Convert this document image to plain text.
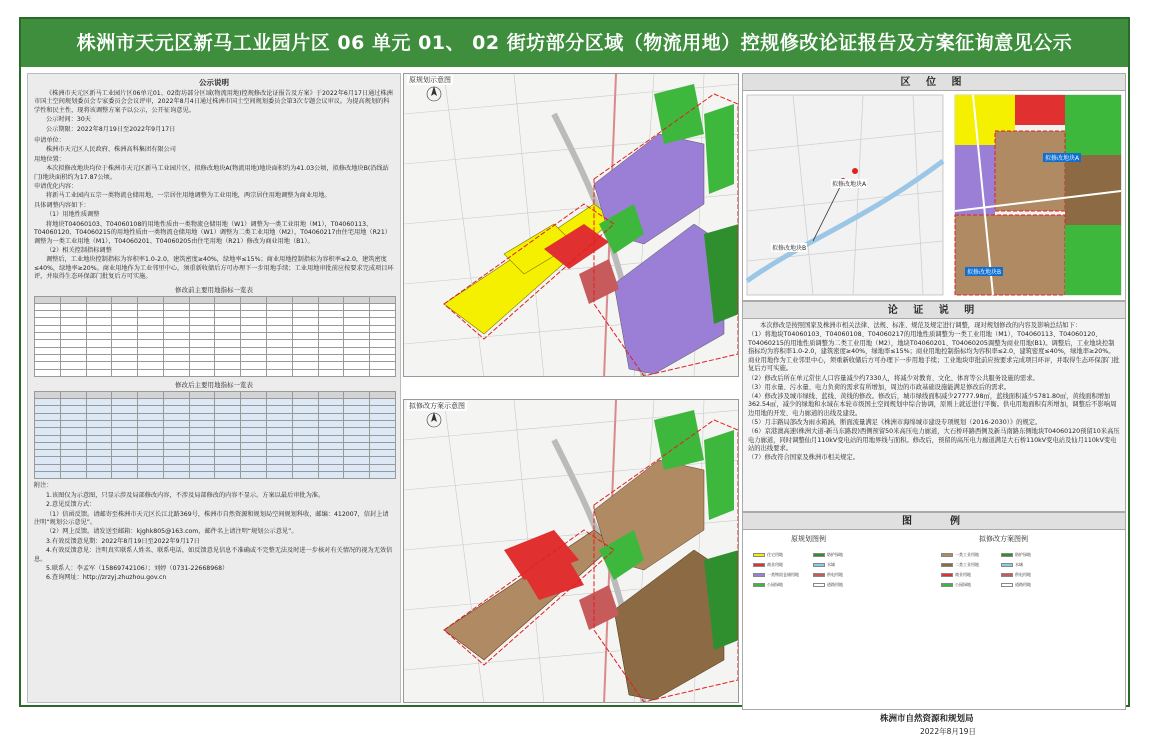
株洲市天元区新马工业园片区 06 单元 01、 02 街坊部分区域（物流用地）控规修改论证报告及方案征询意见公示
公示说明

《株洲市天元区新马工业园片区06单元01、02街坊部分区域(物流用地)控规修改论证报告及方案》于2022年6月17日通过株洲市国土空间规划委员会专家委员会会议评审，2022年8月4日通过株洲市国土空间规划委员会第3次专题会议审议。为提高规划的科学性和民主性，现将该调整方案予以公示，公开征询意见。

公示时间：30天

公示期限：2022年8月19日至2022年9月17日

申请单位：

株洲市天元区人民政府、株洲高科集团有限公司

用地位置：

本次拟修改地块均位于株洲市天元区新马工业园片区，拟修改地块A(物流用地)地块面积约为41.03公顷，拟修改地块B(沿线站门)地块面积约为17.87公顷。

申请优化内容：

将新马工业园内五宗一类物流仓储用地，一宗居住用地调整为工业用地，两宗居住用地调整为商业用地。

具体调整内容如下：

（1）用地性质调整

将地块T04060103、T04060108的用地性质由一类物流仓储用地（W1）调整为一类工业用地（M1），T04060113、T04060120、T04060215的用地性质由一类物流仓储用地（W1）调整为二类工业用地（M2），T04060217由住宅用地（R21）调整为一类工业用地（M1），T04060201、T04060205由住宅用地（R21）修改为商业用地（B1）。

（2）相关控制指标调整

调整后，工业地块控制指标为容积率1.0-2.0，建筑密度≥40%，绿地率≤15%；商业用地控制指标为容积率≤2.0，建筑密度≤40%，绿地率≥20%。商业用地作为工业邻里中心，须重新收储后方可办理下一步用地手续；工业用地审批前应按要求完成项目环评，并取得生态环保部门批复后方可实施。

修改前主要用地指标一览表

修改后主要用地指标一览表

附注：

1.该图仅为示意图，只显示涉及局部修改内容，不涉及局部修改的内容不显示。方案以最后审批为准。

2.意见反馈方式：

（1）信函反馈。请邮寄至株洲市天元区长江北路369号，株洲市自然资源和规划局空间规划科收，邮编：412007，信封上请注明“规划公示意见”。

（2）网上反馈。请发送至邮箱：kjghk805@163.com，邮件名上请注明“规划公示意见”。

3.有效反馈意见期：2022年8月19日至2022年9月17日

4.有效反馈意见：注明真实联系人姓名、联系电话，如反馈意见信息不准确或不完整无法及时进一步核对有关情况的视为无效信息。

5.联系人：李孟军（15869742106）；刘婷（0731-22668968）

6.查询网址：http://zrzyj.zhuzhou.gov.cn

原规划示意图
拟修改方案示意图
区 位 图
拟修改地块A
拟修改地块B
拟修改地块A
拟修改地块B
论 证 说 明

本次修改是按照国家及株洲市相关法律、法规、标准、规范及规定进行调整，现对规划修改的内容及影响总结如下：

（1）将地块T04060103、T04060108、T04060217的用地性质调整为一类工业用地（M1），T04060113、T04060120、T04060215的用地性质调整为二类工业用地（M2），地块T04060201、T04060205调整为商业用地(B1)。调整后，工业地块控制指标均为容积率1.0-2.0，建筑密度≥40%，绿地率≤15%；商业用地控制指标均为容积率≤2.0，建筑密度≤40%，绿地率≥20%。商业用地作为工业邻里中心，须重新收储后方可办理下一步用地手续；工业地块审批前应按要求完成项目环评，并取得生态环保部门批复后方可实施。

（2）修改后所在单元常住人口容量减少约7330人，将减少对教育、文化、体育等公共服务设施的需求。

（3）用水量、污水量、电力负荷的需求有所增加，周边的市政基础设施能满足修改后的需求。

（4）修改涉及城市绿线、蓝线、黄线的修改。修改后，城市绿线面积减少27777.98㎡，蓝线面积减少5781.80㎡，黄线面积增加362.54㎡，减少的绿地和水域在本轮市级国土空间规划中综合协调，原则上就近进行平衡。供电用地面积有所增加，调整后不影响周边用地的开发、电力廊道的出线及建设。

（5）月丰路局部改为雨水箱涵，断面流量满足《株洲市海绵城市建设专项规划（2016-2030）》的规定。

（6）京港澳高速(株洲大道-新马东路段)西侧预留50米高压电力廊道，大石桥环路西侧及新马南路东侧地块T04060120预留10米高压电力廊道，同时调整仙月110kV变电站的用地界线与面积。修改后，预留的高压电力廊道满足大石桥110kV变电站及仙月110kV变电站的出线要求。

（7）修改符合国家及株洲市相关规定。

图　　例
原规划图例	拟修改方案图例
住宅用地
商业用地
一类物流仓储用地
公园绿地
防护绿地
水域
供电用地
道路用地
一类工业用地
二类工业用地
商业用地
公园绿地
防护绿地
水域
供电用地
道路用地
株洲市自然资源和规划局
2022年8月19日
